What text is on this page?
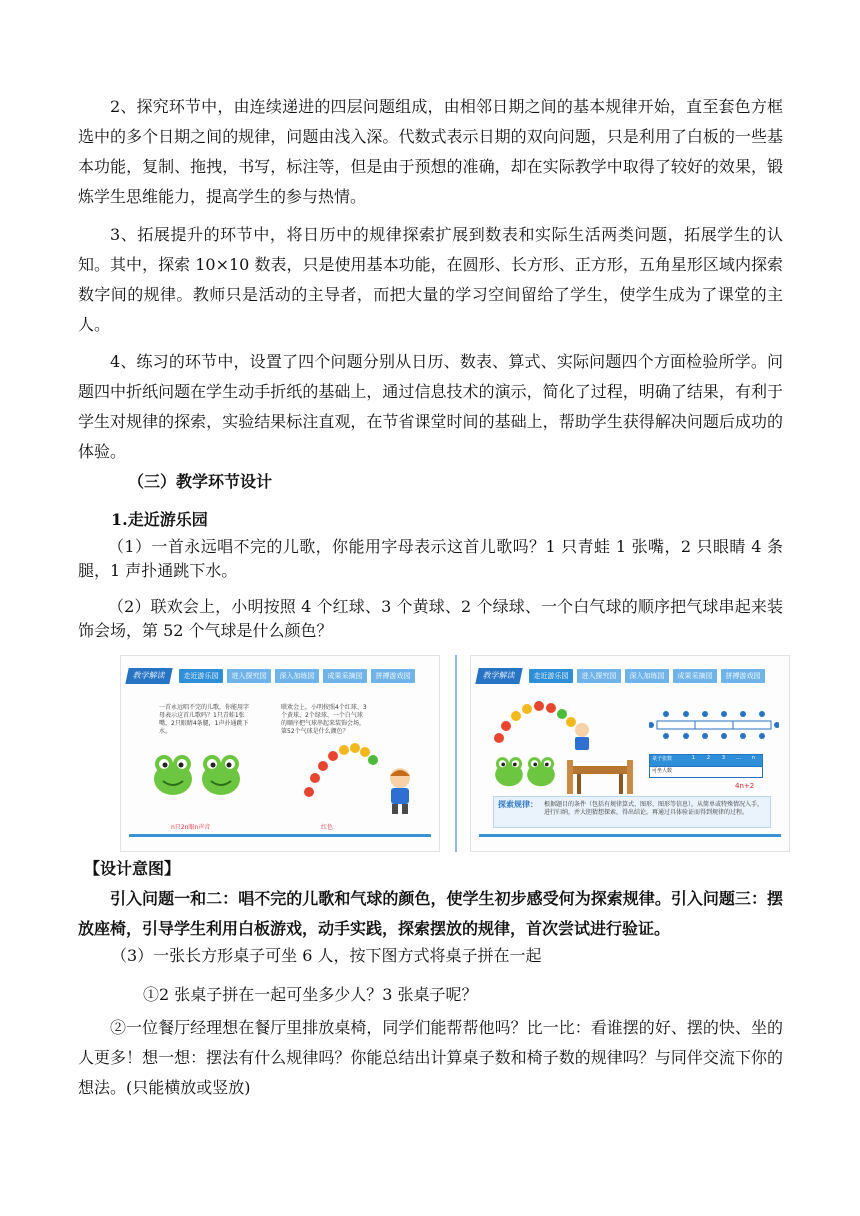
2、探究环节中，由连续递进的四层问题组成，由相邻日期之间的基本规律开始，直至套色方框选中的多个日期之间的规律，问题由浅入深。代数式表示日期的双向问题，只是利用了白板的一些基本功能，复制、拖拽，书写，标注等，但是由于预想的准确，却在实际教学中取得了较好的效果，锻炼学生思维能力，提高学生的参与热情。

3、拓展提升的环节中，将日历中的规律探索扩展到数表和实际生活两类问题，拓展学生的认知。其中，探索 10×10 数表，只是使用基本功能，在圆形、长方形、正方形，五角星形区域内探索数字间的规律。教师只是活动的主导者，而把大量的学习空间留给了学生，使学生成为了课堂的主人。

4、练习的环节中，设置了四个问题分别从日历、数表、算式、实际问题四个方面检验所学。问题四中折纸问题在学生动手折纸的基础上，通过信息技术的演示，简化了过程，明确了结果，有利于学生对规律的探索，实验结果标注直观，在节省课堂时间的基础上，帮助学生获得解决问题后成功的体验。

（三）教学环节设计

1.走近游乐园

（1）一首永远唱不完的儿歌，你能用字母表示这首儿歌吗？1 只青蛙 1 张嘴，2 只眼睛 4 条腿，1 声扑通跳下水。

（2）联欢会上，小明按照 4 个红球、3 个黄球、2 个绿球、一个白气球的顺序把气球串起来装饰会场，第 52 个气球是什么颜色？

教学解读	走近游乐园	进入探究园	深入加练园	成果采摘园	拼搏游戏园
一首永远唱不完的儿歌，你能用字母表示这首儿歌吗？1只青蛙1张嘴，2只眼睛4条腿，1声扑通跳下水。
联欢会上，小明按照4个红球、3个黄球、2个绿球、一个白气球的顺序把气球串起来装饰会场，第52个气球是什么颜色？
n只2n眼n声音	红色
教学解读	走近游乐园	进入探究园	深入加练园	成果采摘园	拼搏游戏园
桌子张数	1	2	3	…	n
可坐人数
4n+2
探索规律： 根据题目的条件（包括有规律算式、图形、图形等信息），从简单或特殊情况入手，进行归纳，并大胆猜想探索，得出结论，再通过具体验证而得到规律的过程。

【设计意图】

引入问题一和二：唱不完的儿歌和气球的颜色，使学生初步感受何为探索规律。引入问题三：摆放座椅，引导学生利用白板游戏，动手实践，探索摆放的规律，首次尝试进行验证。

（3）一张长方形桌子可坐 6 人，按下图方式将桌子拼在一起

①2 张桌子拼在一起可坐多少人？3 张桌子呢？

②一位餐厅经理想在餐厅里排放桌椅，同学们能帮帮他吗？比一比：看谁摆的好、摆的快、坐的人更多！想一想：摆法有什么规律吗？你能总结出计算桌子数和椅子数的规律吗？与同伴交流下你的想法。(只能横放或竖放)
